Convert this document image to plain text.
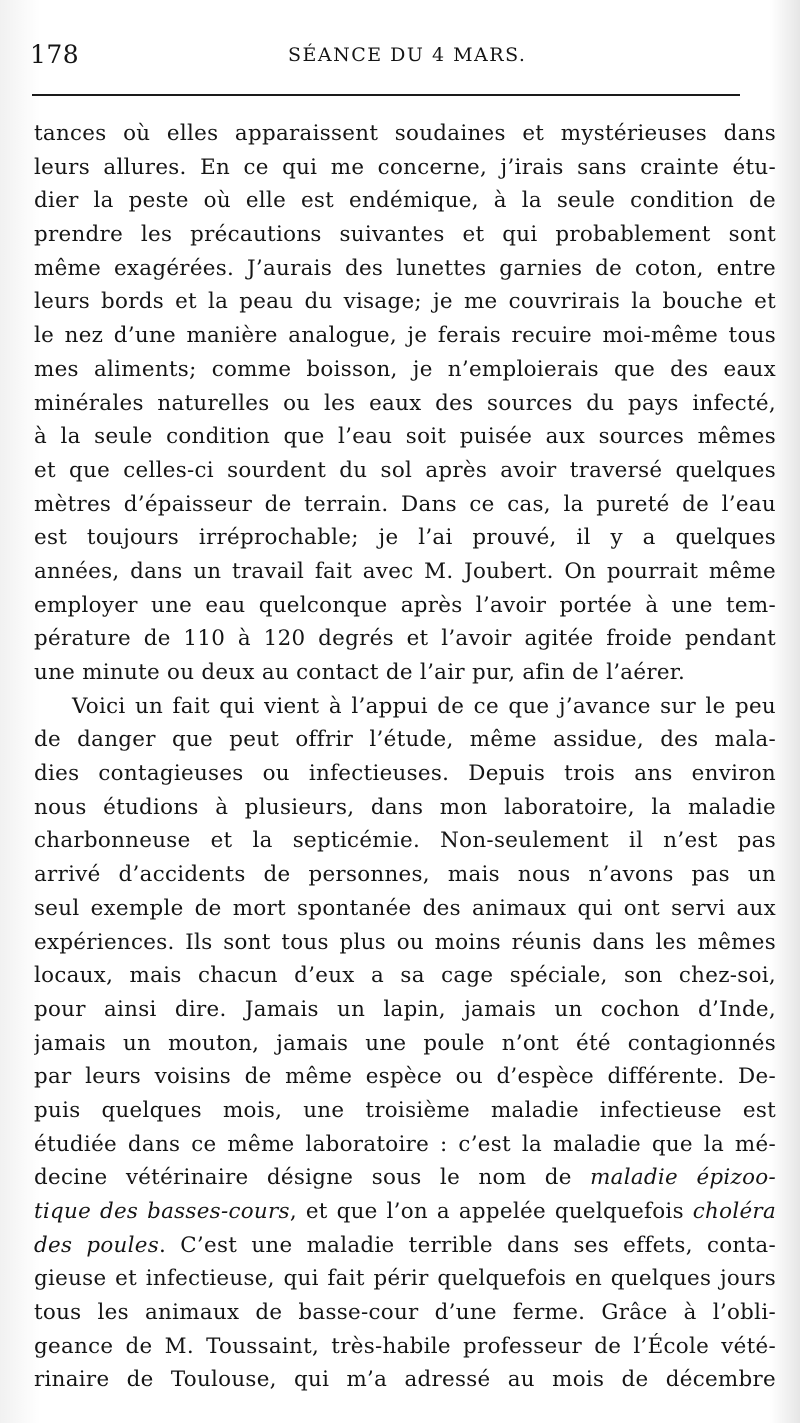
178	SÉANCE DU 4 MARS.
tances où elles apparaissent soudaines et mystérieuses dans
leurs allures. En ce qui me concerne, j’irais sans crainte étu-
dier la peste où elle est endémique, à la seule condition de
prendre les précautions suivantes et qui probablement sont
même exagérées. J’aurais des lunettes garnies de coton, entre
leurs bords et la peau du visage; je me couvrirais la bouche et
le nez d’une manière analogue, je ferais recuire moi-même tous
mes aliments; comme boisson, je n’emploierais que des eaux
minérales naturelles ou les eaux des sources du pays infecté,
à la seule condition que l’eau soit puisée aux sources mêmes
et que celles-ci sourdent du sol après avoir traversé quelques
mètres d’épaisseur de terrain. Dans ce cas, la pureté de l’eau
est toujours irréprochable; je l’ai prouvé, il y a quelques
années, dans un travail fait avec M. Joubert. On pourrait même
employer une eau quelconque après l’avoir portée à une tem-
pérature de 110 à 120 degrés et l’avoir agitée froide pendant
une minute ou deux au contact de l’air pur, afin de l’aérer.
Voici un fait qui vient à l’appui de ce que j’avance sur le peu
de danger que peut offrir l’étude, même assidue, des mala-
dies contagieuses ou infectieuses. Depuis trois ans environ
nous étudions à plusieurs, dans mon laboratoire, la maladie
charbonneuse et la septicémie. Non-seulement il n’est pas
arrivé d’accidents de personnes, mais nous n’avons pas un
seul exemple de mort spontanée des animaux qui ont servi aux
expériences. Ils sont tous plus ou moins réunis dans les mêmes
locaux, mais chacun d’eux a sa cage spéciale, son chez-soi,
pour ainsi dire. Jamais un lapin, jamais un cochon d’Inde,
jamais un mouton, jamais une poule n’ont été contagionnés
par leurs voisins de même espèce ou d’espèce différente. De-
puis quelques mois, une troisième maladie infectieuse est
étudiée dans ce même laboratoire : c’est la maladie que la mé-
decine vétérinaire désigne sous le nom de maladie épizoo-
tique des basses-cours, et que l’on a appelée quelquefois choléra
des poules. C’est une maladie terrible dans ses effets, conta-
gieuse et infectieuse, qui fait périr quelquefois en quelques jours
tous les animaux de basse-cour d’une ferme. Grâce à l’obli-
geance de M. Toussaint, très-habile professeur de l’École vété-
rinaire de Toulouse, qui m’a adressé au mois de décembre
